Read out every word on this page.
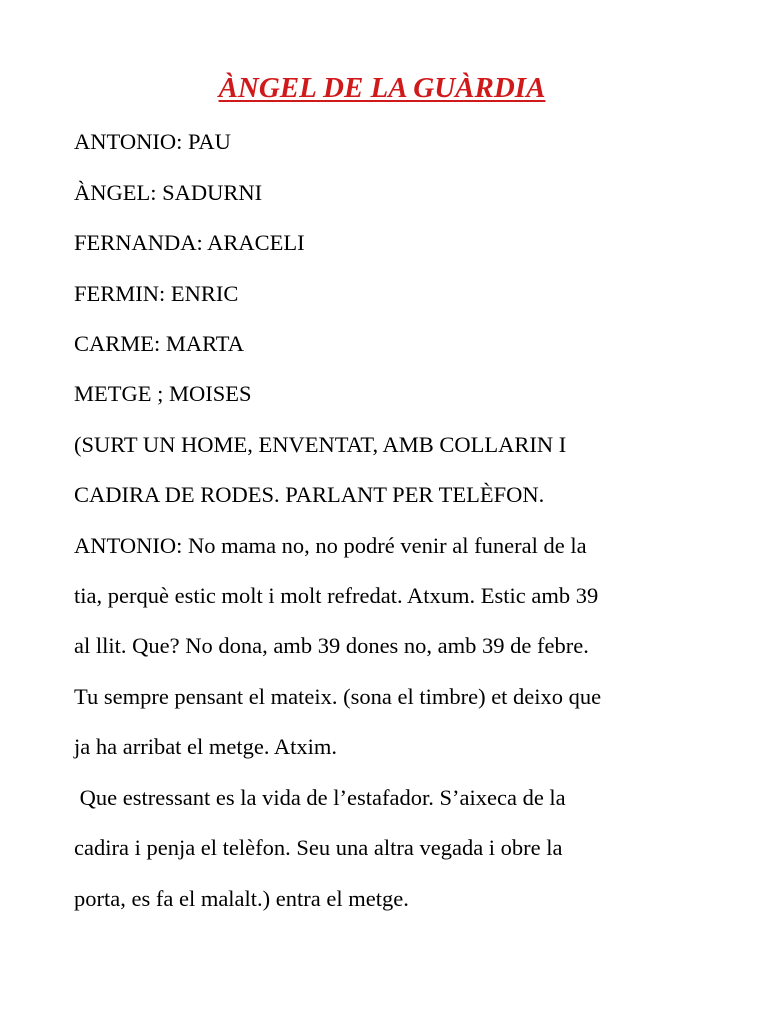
ÀNGEL DE LA GUÀRDIA
ANTONIO: PAU
ÀNGEL: SADURNI
FERNANDA: ARACELI
FERMIN: ENRIC
CARME: MARTA
METGE ; MOISES
(SURT UN HOME, ENVENTAT, AMB COLLARIN I
CADIRA DE RODES. PARLANT PER TELÈFON.
ANTONIO: No mama no, no podré venir al funeral de la
tia, perquè estic molt i molt refredat. Atxum. Estic amb 39
al llit. Que? No dona, amb 39 dones no, amb 39 de febre.
Tu sempre pensant el mateix. (sona el timbre) et deixo que
ja ha arribat el metge. Atxim.
Que estressant es la vida de l’estafador. S’aixeca de la
cadira i penja el telèfon. Seu una altra vegada i obre la
porta, es fa el malalt.) entra el metge.
